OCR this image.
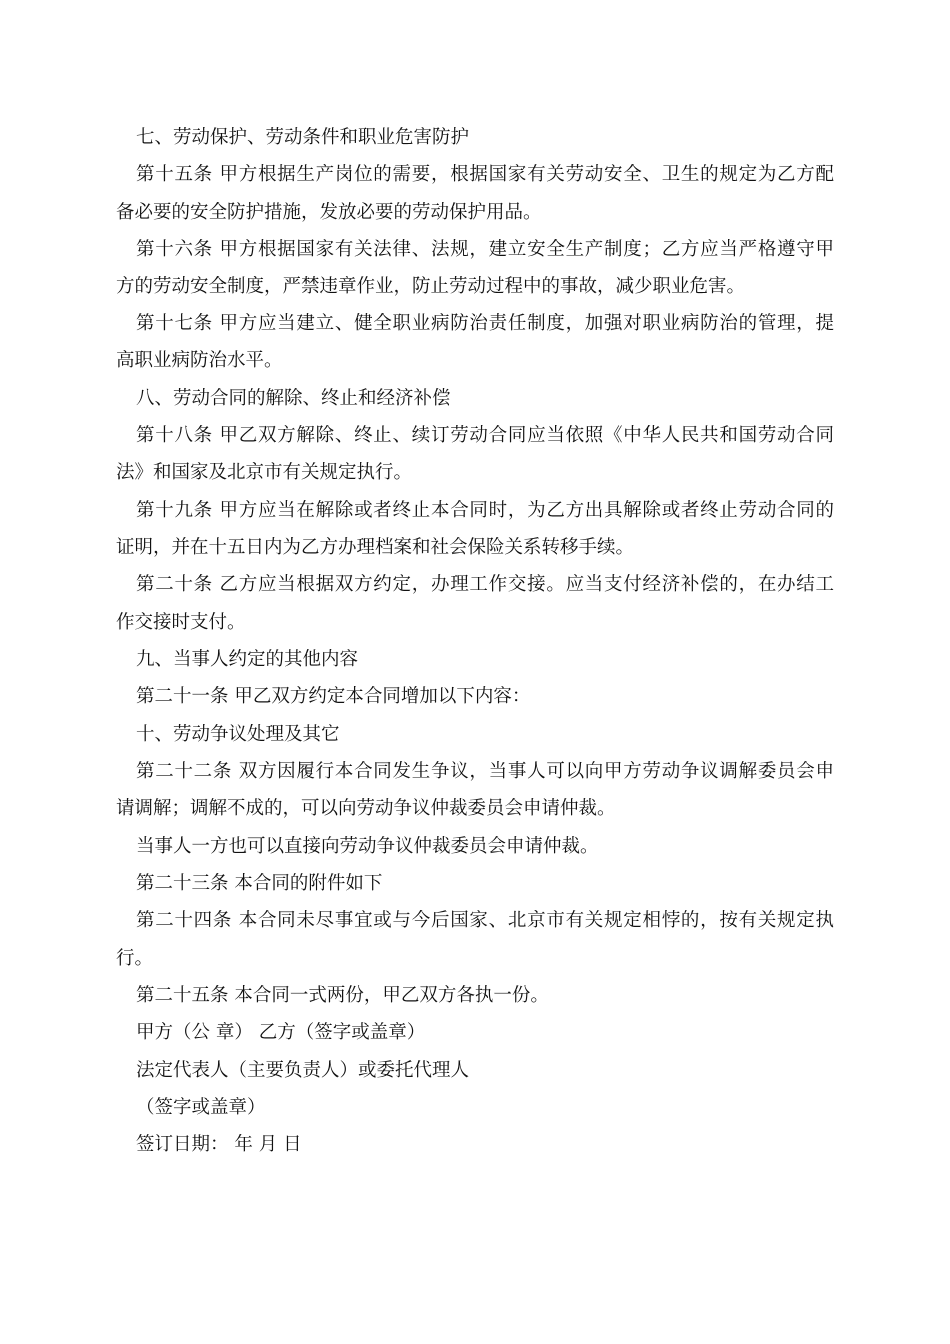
七、劳动保护、劳动条件和职业危害防护
第十五条 甲方根据生产岗位的需要，根据国家有关劳动安全、卫生的规定为乙方配
备必要的安全防护措施，发放必要的劳动保护用品。
第十六条 甲方根据国家有关法律、法规，建立安全生产制度；乙方应当严格遵守甲
方的劳动安全制度，严禁违章作业，防止劳动过程中的事故，减少职业危害。
第十七条 甲方应当建立、健全职业病防治责任制度，加强对职业病防治的管理，提
高职业病防治水平。
八、劳动合同的解除、终止和经济补偿
第十八条 甲乙双方解除、终止、续订劳动合同应当依照《中华人民共和国劳动合同
法》和国家及北京市有关规定执行。
第十九条 甲方应当在解除或者终止本合同时，为乙方出具解除或者终止劳动合同的
证明，并在十五日内为乙方办理档案和社会保险关系转移手续。
第二十条 乙方应当根据双方约定，办理工作交接。应当支付经济补偿的，在办结工
作交接时支付。
九、当事人约定的其他内容
第二十一条 甲乙双方约定本合同增加以下内容：
十、劳动争议处理及其它
第二十二条 双方因履行本合同发生争议，当事人可以向甲方劳动争议调解委员会申
请调解；调解不成的，可以向劳动争议仲裁委员会申请仲裁。
当事人一方也可以直接向劳动争议仲裁委员会申请仲裁。
第二十三条 本合同的附件如下
第二十四条 本合同未尽事宜或与今后国家、北京市有关规定相悖的，按有关规定执
行。
第二十五条 本合同一式两份，甲乙双方各执一份。
甲方（公 章） 乙方（签字或盖章）
法定代表人（主要负责人）或委托代理人
（签字或盖章）
签订日期： 年 月 日
